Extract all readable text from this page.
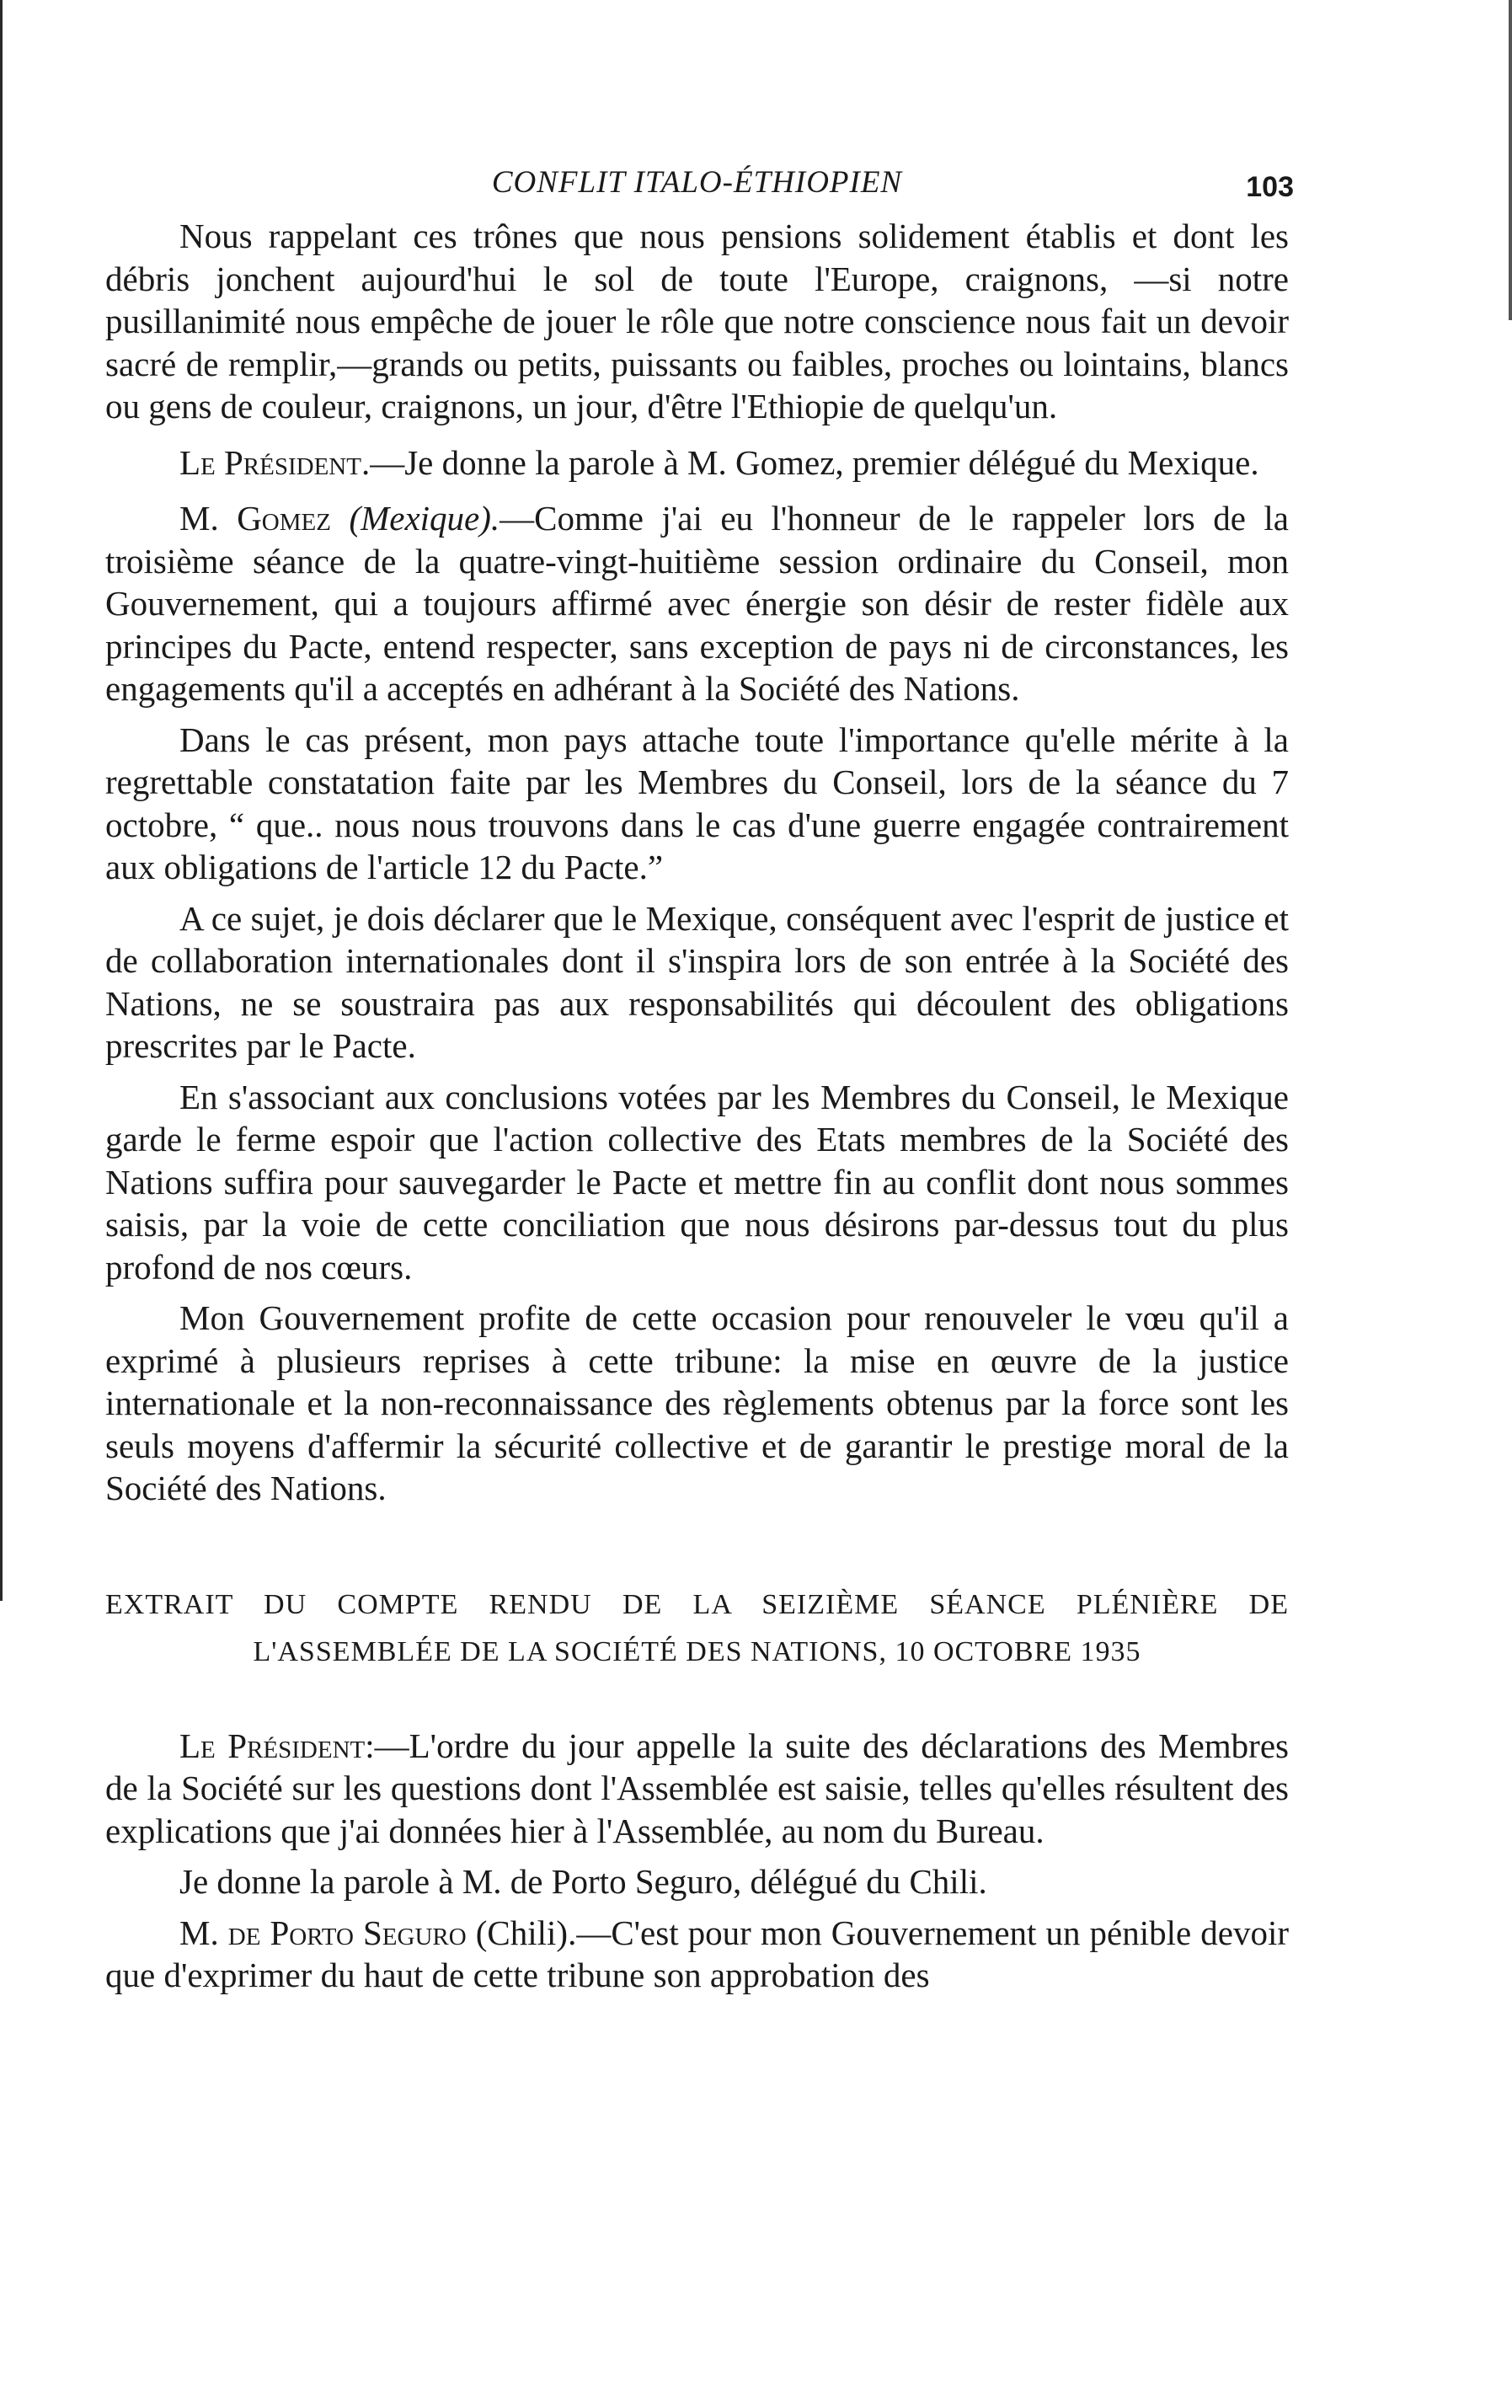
CONFLIT ITALO-ÉTHIOPIEN	103

Nous rappelant ces trônes que nous pensions solidement établis et dont les débris jonchent aujourd'hui le sol de toute l'Europe, craignons, —si notre pusillanimité nous empêche de jouer le rôle que notre conscience nous fait un devoir sacré de remplir,—grands ou petits, puissants ou faibles, proches ou lointains, blancs ou gens de couleur, craignons, un jour, d'être l'Ethiopie de quelqu'un.

Le Président.—Je donne la parole à M. Gomez, premier délégué du Mexique.

M. Gomez (Mexique).—Comme j'ai eu l'honneur de le rappeler lors de la troisième séance de la quatre-vingt-huitième session ordinaire du Conseil, mon Gouvernement, qui a toujours affirmé avec énergie son désir de rester fidèle aux principes du Pacte, entend respecter, sans exception de pays ni de circonstances, les engagements qu'il a acceptés en adhérant à la Société des Nations.

Dans le cas présent, mon pays attache toute l'importance qu'elle mérite à la regrettable constatation faite par les Membres du Conseil, lors de la séance du 7 octobre, “ que.. nous nous trouvons dans le cas d'une guerre engagée contrairement aux obligations de l'article 12 du Pacte.”

A ce sujet, je dois déclarer que le Mexique, conséquent avec l'esprit de justice et de collaboration internationales dont il s'inspira lors de son entrée à la Société des Nations, ne se soustraira pas aux responsabilités qui découlent des obligations prescrites par le Pacte.

En s'associant aux conclusions votées par les Membres du Conseil, le Mexique garde le ferme espoir que l'action collective des Etats membres de la Société des Nations suffira pour sauvegarder le Pacte et mettre fin au conflit dont nous sommes saisis, par la voie de cette conciliation que nous désirons par-dessus tout du plus profond de nos cœurs.

Mon Gouvernement profite de cette occasion pour renouveler le vœu qu'il a exprimé à plusieurs reprises à cette tribune: la mise en œuvre de la justice internationale et la non-reconnaissance des règlements obtenus par la force sont les seuls moyens d'affermir la sécurité collective et de garantir le prestige moral de la Société des Nations.

EXTRAIT DU COMPTE RENDU DE LA SEIZIÈME SÉANCE PLÉNIÈRE DE
L'ASSEMBLÉE DE LA SOCIÉTÉ DES NATIONS, 10 OCTOBRE 1935

Le Président:—L'ordre du jour appelle la suite des déclarations des Membres de la Société sur les questions dont l'Assemblée est saisie, telles qu'elles résultent des explications que j'ai données hier à l'Assemblée, au nom du Bureau.

Je donne la parole à M. de Porto Seguro, délégué du Chili.

M. de Porto Seguro (Chili).—C'est pour mon Gouvernement un pénible devoir que d'exprimer du haut de cette tribune son approbation des
